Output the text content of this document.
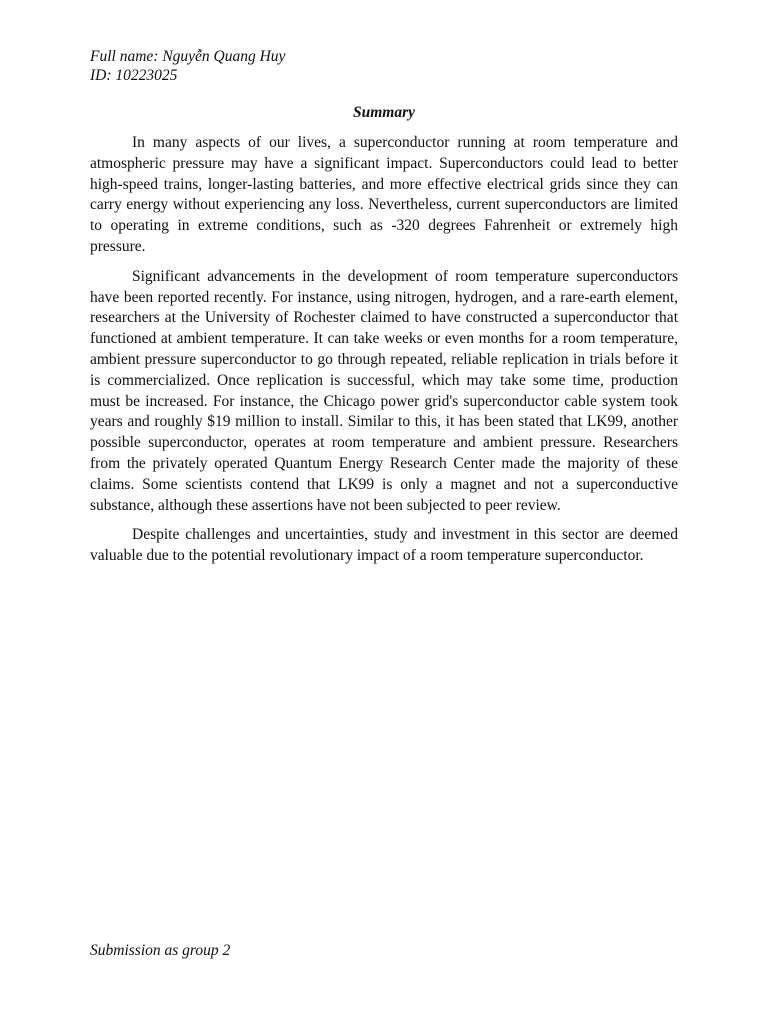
Full name: Nguyễn Quang Huy
ID: 10223025
Summary

In many aspects of our lives, a superconductor running at room temperature and atmospheric pressure may have a significant impact. Superconductors could lead to better high-speed trains, longer-lasting batteries, and more effective electrical grids since they can carry energy without experiencing any loss. Nevertheless, current superconductors are limited to operating in extreme conditions, such as -320 degrees Fahrenheit or extremely high pressure.

Significant advancements in the development of room temperature superconductors have been reported recently. For instance, using nitrogen, hydrogen, and a rare-earth element, researchers at the University of Rochester claimed to have constructed a superconductor that functioned at ambient temperature. It can take weeks or even months for a room temperature, ambient pressure superconductor to go through repeated, reliable replication in trials before it is commercialized. Once replication is successful, which may take some time, production must be increased. For instance, the Chicago power grid's superconductor cable system took years and roughly $19 million to install. Similar to this, it has been stated that LK99, another possible superconductor, operates at room temperature and ambient pressure. Researchers from the privately operated Quantum Energy Research Center made the majority of these claims. Some scientists contend that LK99 is only a magnet and not a superconductive substance, although these assertions have not been subjected to peer review.

Despite challenges and uncertainties, study and investment in this sector are deemed valuable due to the potential revolutionary impact of a room temperature superconductor.

Submission as group 2
